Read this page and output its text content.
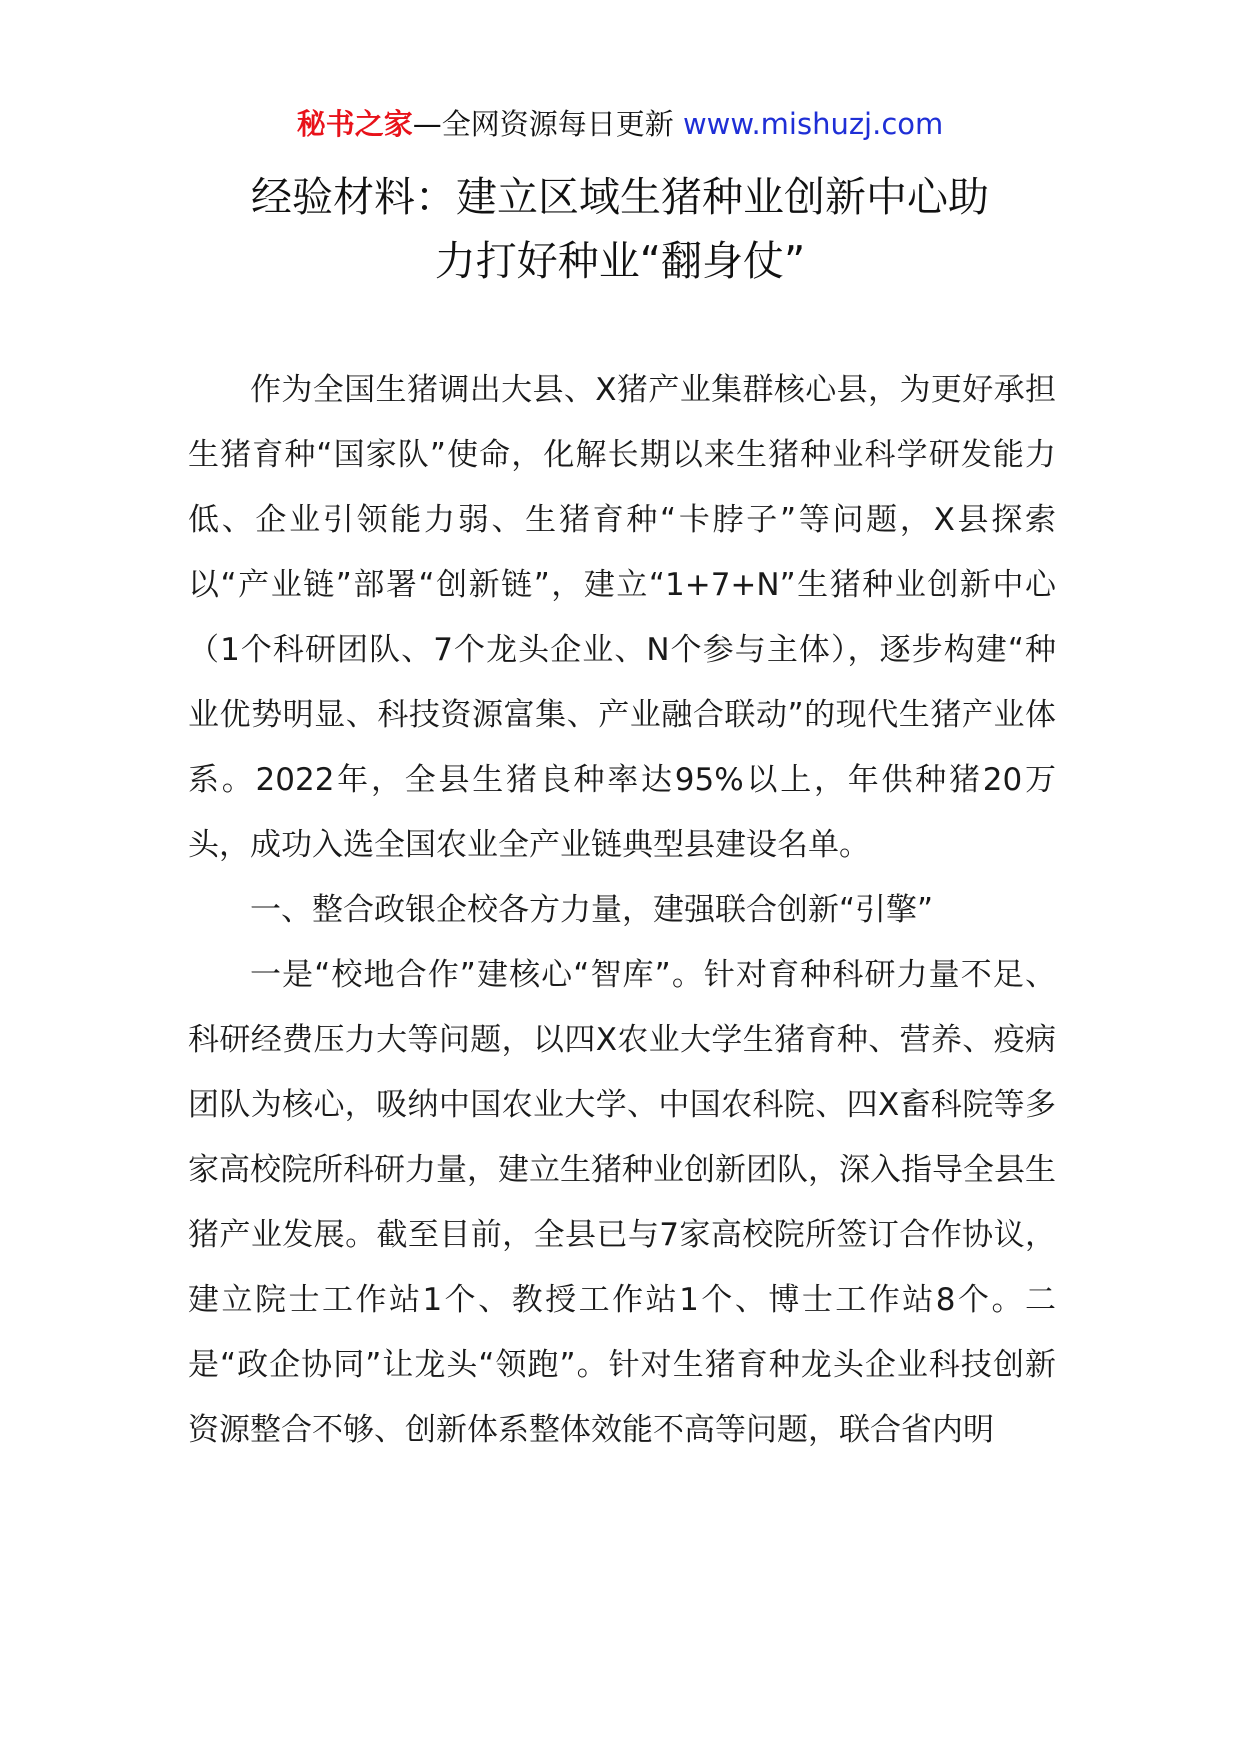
秘书之家—全网资源每日更新 www.mishuzj.com
经验材料：建立区域生猪种业创新中心助
力打好种业“翻身仗”

作为全国生猪调出大县、X猪产业集群核心县，为更好承担生猪育种“国家队”使命，化解长期以来生猪种业科学研发能力低、企业引领能力弱、生猪育种“卡脖子”等问题，X县探索以“产业链”部署“创新链”，建立“1+7+N”生猪种业创新中心（1个科研团队、7个龙头企业、N个参与主体），逐步构建“种业优势明显、科技资源富集、产业融合联动”的现代生猪产业体系。2022年，全县生猪良种率达95%以上，年供种猪20万头，成功入选全国农业全产业链典型县建设名单。

一、整合政银企校各方力量，建强联合创新“引擎”

一是“校地合作”建核心“智库”。针对育种科研力量不足、科研经费压力大等问题，以四X农业大学生猪育种、营养、疫病团队为核心，吸纳中国农业大学、中国农科院、四X畜科院等多家高校院所科研力量，建立生猪种业创新团队，深入指导全县生猪产业发展。截至目前，全县已与7家高校院所签订合作协议，建立院士工作站1个、教授工作站1个、博士工作站8个。二是“政企协同”让龙头“领跑”。针对生猪育种龙头企业科技创新资源整合不够、创新体系整体效能不高等问题，联合省内明
